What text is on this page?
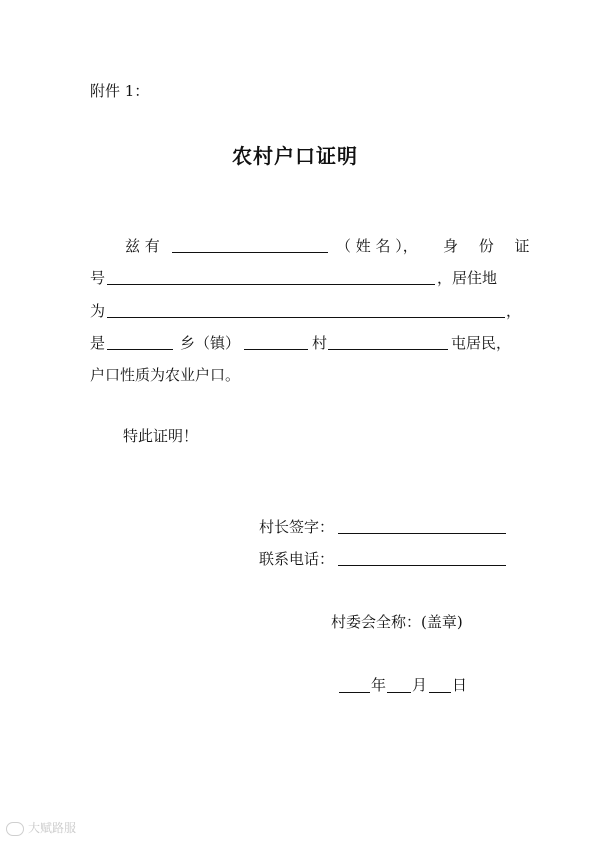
附件 1：
农村户口证明
兹 有	（ 姓 名 ）， 身 份 证
号	，居住地
为	，
是	乡（镇）	村	屯居民，
户口性质为农业户口。
特此证明！
村长签字：
联系电话：
村委会全称：(盖章)
年 月 日
大赋路服
